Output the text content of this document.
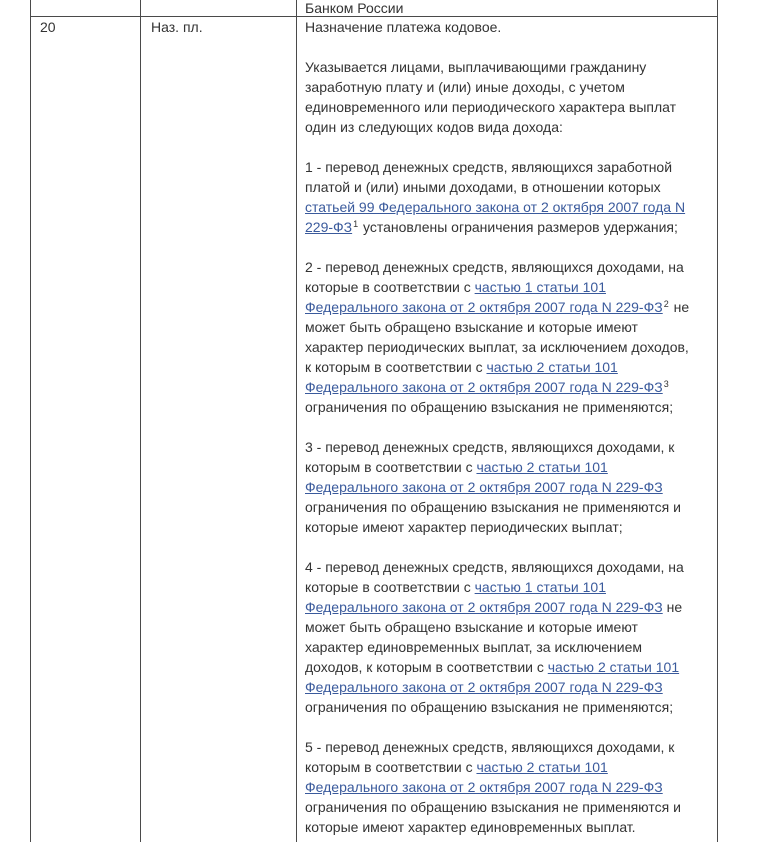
Банком России
20	Наз. пл.	Назначение платежа кодовое.
Указывается лицами, выплачивающими гражданину
заработную плату и (или) иные доходы, с учетом
единовременного или периодического характера выплат
один из следующих кодов вида дохода:
1 - перевод денежных средств, являющихся заработной
платой и (или) иными доходами, в отношении которых
статьей 99 Федерального закона от 2 октября 2007 года N
229-ФЗ$^1$ установлены ограничения размеров удержания;
2 - перевод денежных средств, являющихся доходами, на
которые в соответствии с частью 1 статьи 101
Федерального закона от 2 октября 2007 года N 229-ФЗ$^2$ не
может быть обращено взыскание и которые имеют
характер периодических выплат, за исключением доходов,
к которым в соответствии с частью 2 статьи 101
Федерального закона от 2 октября 2007 года N 229-ФЗ$^3$
ограничения по обращению взыскания не применяются;
3 - перевод денежных средств, являющихся доходами, к
которым в соответствии с частью 2 статьи 101
Федерального закона от 2 октября 2007 года N 229-ФЗ
ограничения по обращению взыскания не применяются и
которые имеют характер периодических выплат;
4 - перевод денежных средств, являющихся доходами, на
которые в соответствии с частью 1 статьи 101
Федерального закона от 2 октября 2007 года N 229-ФЗ не
может быть обращено взыскание и которые имеют
характер единовременных выплат, за исключением
доходов, к которым в соответствии с частью 2 статьи 101
Федерального закона от 2 октября 2007 года N 229-ФЗ
ограничения по обращению взыскания не применяются;
5 - перевод денежных средств, являющихся доходами, к
которым в соответствии с частью 2 статьи 101
Федерального закона от 2 октября 2007 года N 229-ФЗ
ограничения по обращению взыскания не применяются и
которые имеют характер единовременных выплат.
